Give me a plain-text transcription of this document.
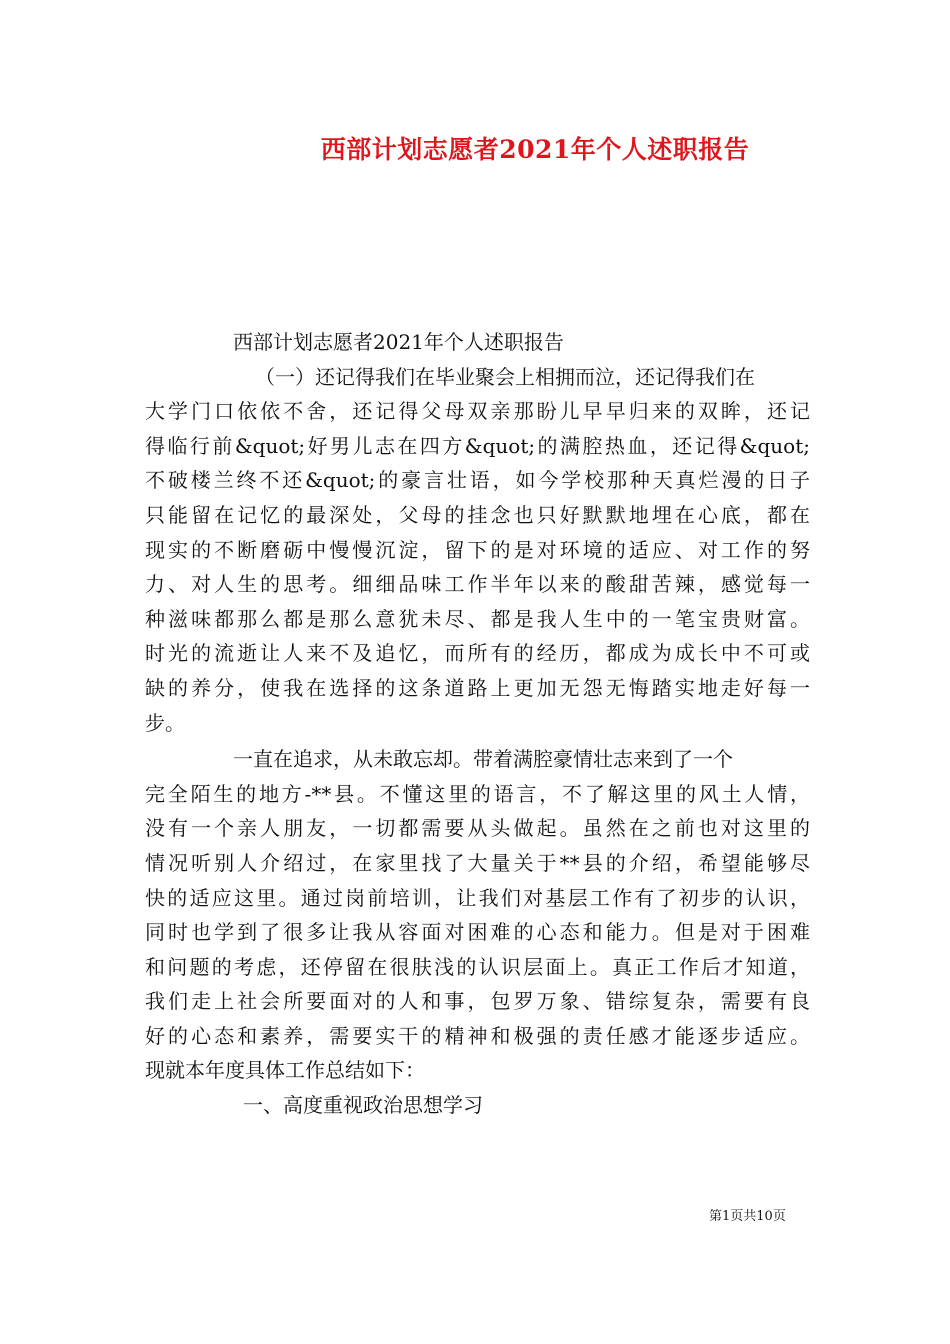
西部计划志愿者2021年个人述职报告
西部计划志愿者2021年个人述职报告
（一）还记得我们在毕业聚会上相拥而泣，还记得我们在
大学门口依依不舍，还记得父母双亲那盼儿早早归来的双眸，还记
得临行前&quot;好男儿志在四方&quot;的满腔热血，还记得&quot;
不破楼兰终不还&quot;的豪言壮语，如今学校那种天真烂漫的日子
只能留在记忆的最深处，父母的挂念也只好默默地埋在心底，都在
现实的不断磨砺中慢慢沉淀，留下的是对环境的适应、对工作的努
力、对人生的思考。细细品味工作半年以来的酸甜苦辣，感觉每一
种滋味都那么都是那么意犹未尽、都是我人生中的一笔宝贵财富。
时光的流逝让人来不及追忆，而所有的经历，都成为成长中不可或
缺的养分，使我在选择的这条道路上更加无怨无悔踏实地走好每一
步。
一直在追求，从未敢忘却。带着满腔豪情壮志来到了一个
完全陌生的地方-**县。不懂这里的语言，不了解这里的风土人情，
没有一个亲人朋友，一切都需要从头做起。虽然在之前也对这里的
情况听别人介绍过，在家里找了大量关于**县的介绍，希望能够尽
快的适应这里。通过岗前培训，让我们对基层工作有了初步的认识，
同时也学到了很多让我从容面对困难的心态和能力。但是对于困难
和问题的考虑，还停留在很肤浅的认识层面上。真正工作后才知道，
我们走上社会所要面对的人和事，包罗万象、错综复杂，需要有良
好的心态和素养，需要实干的精神和极强的责任感才能逐步适应。
现就本年度具体工作总结如下：
一、高度重视政治思想学习
第1页共10页
